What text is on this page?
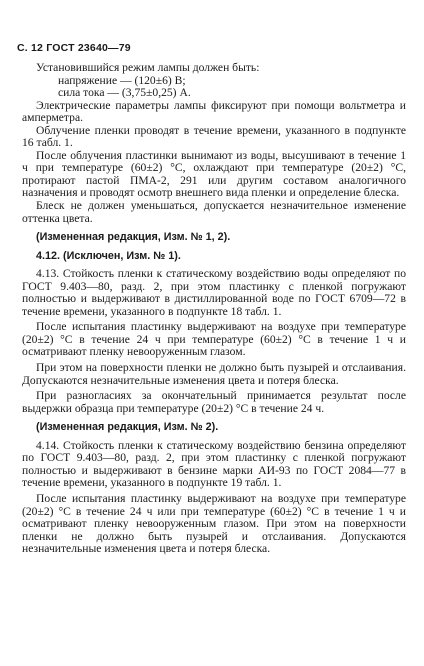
С. 12 ГОСТ 23640—79

Установившийся режим лампы должен быть:

напряжение — (120±6) В;

сила тока — (3,75±0,25) А.

Электрические параметры лампы фиксируют при помощи вольтметра и амперметра.

Облучение пленки проводят в течение времени, указанного в подпункте 16 табл. 1.

После облучения пластинки вынимают из воды, высушивают в течение 1 ч при температуре (60±2) °С, охлаждают при температуре (20±2) °С, протирают пастой ПМА-2, 291 или другим составом аналогичного назначения и проводят осмотр внешнего вида пленки и определение блеска.

Блеск не должен уменьшаться, допускается незначительное изменение оттенка цвета.

(Измененная редакция, Изм. № 1, 2).

4.12. (Исключен, Изм. № 1).

4.13. Стойкость пленки к статическому воздействию воды определяют по ГОСТ 9.403—80, разд. 2, при этом пластинку с пленкой погружают полностью и выдерживают в дистиллированной воде по ГОСТ 6709—72 в течение времени, указанного в подпункте 18 табл. 1.

После испытания пластинку выдерживают на воздухе при температуре (20±2) °С в течение 24 ч при температуре (60±2) °С в течение 1 ч и осматривают пленку невооруженным глазом.

При этом на поверхности пленки не должно быть пузырей и отслаивания. Допускаются незначительные изменения цвета и потеря блеска.

При разногласиях за окончательный принимается результат после выдержки образца при температуре (20±2) °С в течение 24 ч.

(Измененная редакция, Изм. № 2).

4.14. Стойкость пленки к статическому воздействию бензина определяют по ГОСТ 9.403—80, разд. 2, при этом пластинку с пленкой погружают полностью и выдерживают в бензине марки АИ-93 по ГОСТ 2084—77 в течение времени, указанного в подпункте 19 табл. 1.

После испытания пластинку выдерживают на воздухе при температуре (20±2) °С в течение 24 ч или при температуре (60±2) °С в течение 1 ч и осматривают пленку невооруженным глазом. При этом на поверхности пленки не должно быть пузырей и отслаивания. Допускаются незначительные изменения цвета и потеря блеска.
